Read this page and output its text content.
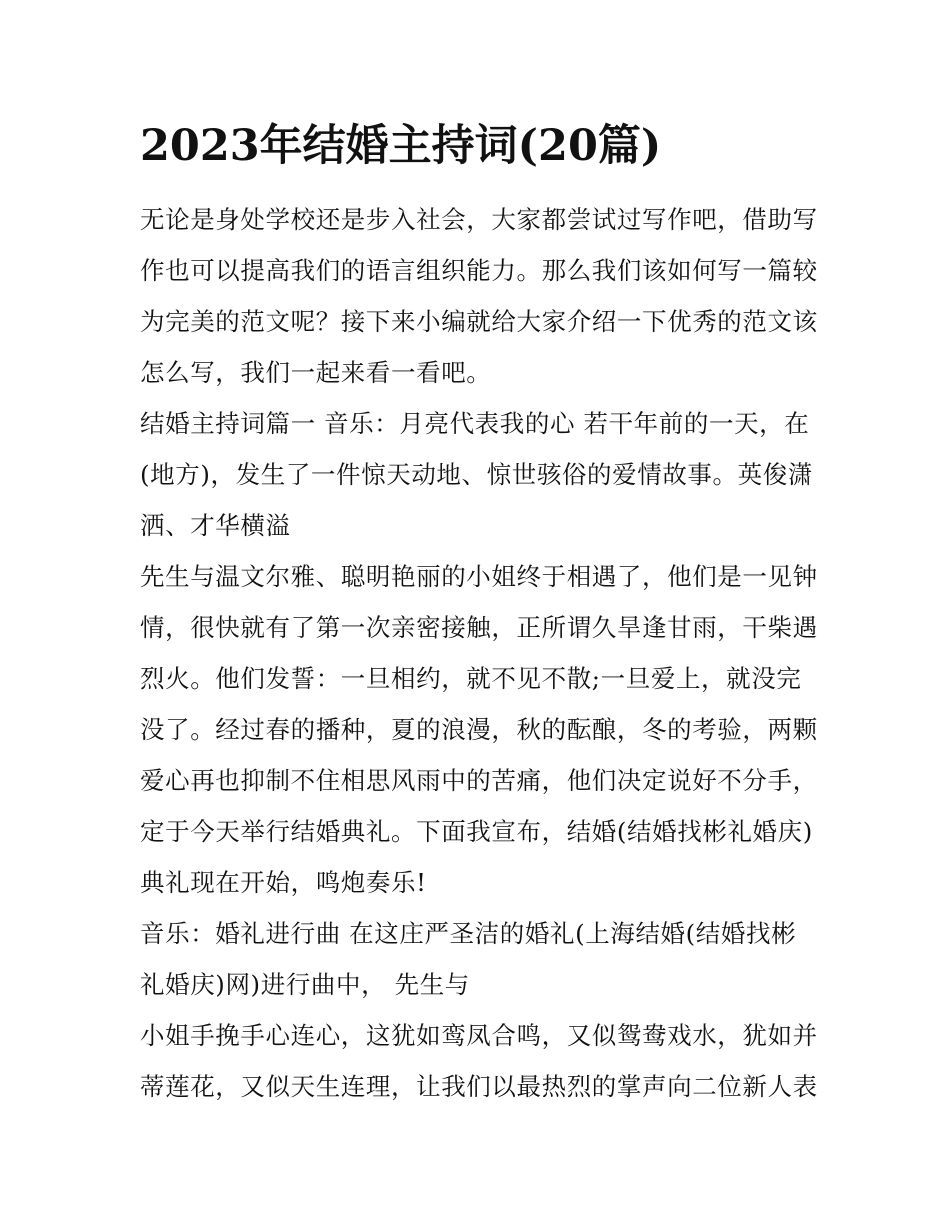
2023年结婚主持词(20篇)
无论是身处学校还是步入社会，大家都尝试过写作吧，借助写
作也可以提高我们的语言组织能力。那么我们该如何写一篇较
为完美的范文呢？接下来小编就给大家介绍一下优秀的范文该
怎么写，我们一起来看一看吧。
结婚主持词篇一 音乐：月亮代表我的心 若干年前的一天，在
(地方)，发生了一件惊天动地、惊世骇俗的爱情故事。英俊潇
洒、才华横溢
先生与温文尔雅、聪明艳丽的小姐终于相遇了，他们是一见钟
情，很快就有了第一次亲密接触，正所谓久旱逢甘雨，干柴遇
烈火。他们发誓：一旦相约，就不见不散;一旦爱上，就没完
没了。经过春的播种，夏的浪漫，秋的酝酿，冬的考验，两颗
爱心再也抑制不住相思风雨中的苦痛，他们决定说好不分手，
定于今天举行结婚典礼。下面我宣布，结婚(结婚找彬礼婚庆)
典礼现在开始，鸣炮奏乐!
音乐：婚礼进行曲 在这庄严圣洁的婚礼(上海结婚(结婚找彬
礼婚庆)网)进行曲中， 先生与
小姐手挽手心连心，这犹如鸾凤合鸣，又似鸳鸯戏水，犹如并
蒂莲花，又似天生连理，让我们以最热烈的掌声向二位新人表
